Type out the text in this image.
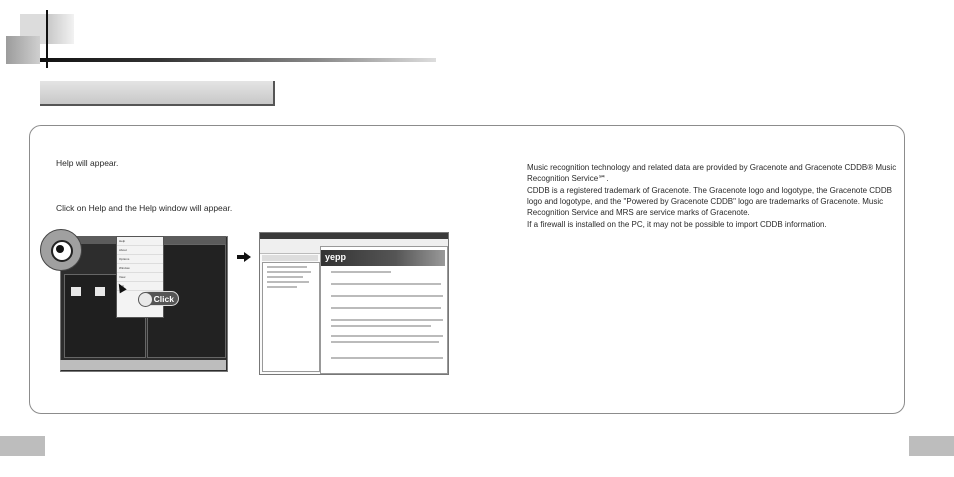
Help will appear.
Click on Help and the Help window will appear.

Music recognition technology and related data are provided by Gracenote and Gracenote CDDB® Music Recognition Service℠.

CDDB is a registered trademark of Gracenote. The Gracenote logo and logotype, the Gracenote CDDB logo and logotype, and the "Powered by Gracenote CDDB" logo are trademarks of Gracenote. Music Recognition Service and MRS are service marks of Gracenote.

If a firewall is installed on the PC, it may not be possible to import CDDB information.

Help
About
Options
Window
View
Exit
Click
yepp
